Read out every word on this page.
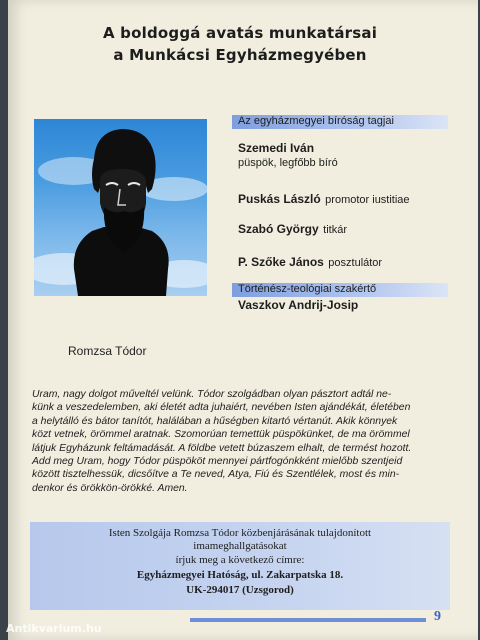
A boldoggá avatás munkatársai
a Munkácsi Egyházmegyében
Romzsa Tódor
Az egyházmegyei bíróság tagjai
Szemedi Iván
püspök, legfőbb bíró
Puskás László promotor iustitiae
Szabó György titkár
P. Szőke János posztulátor
Történész-teológiai szakértő
Vaszkov Andrij-Josip
Uram, nagy dolgot műveltél velünk. Tódor szolgádban olyan pásztort adtál ne-
künk a veszedelemben, aki életét adta juhaiért, nevében Isten ajándékát, életében
a helytálló és bátor tanítót, halálában a hűségben kitartó vértanút. Akik könnyek
közt vetnek, örömmel aratnak. Szomorúan temettük püspökünket, de ma örömmel
látjuk Egyházunk feltámadását. A földbe vetett búzaszem elhalt, de termést hozott.
Add meg Uram, hogy Tódor püspököt mennyei pártfogónkként mielőbb szentjeid
között tisztelhessük, dicsőítve a Te neved, Atya, Fiú és Szentlélek, most és min-
denkor és örökkön-örökké. Amen.
Isten Szolgája Romzsa Tódor közbenjárásának tulajdonított
imameghallgatásokat
írjuk meg a következő címre:
Egyházmegyei Hatóság, ul. Zakarpatska 18.
UK-294017 (Uzsgorod)
9
Antikvarium.hu
